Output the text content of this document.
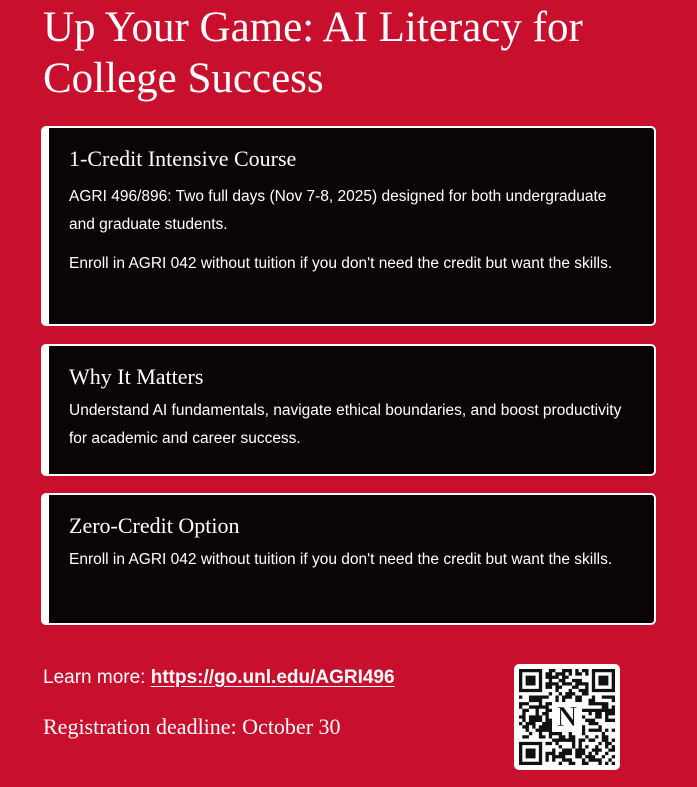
Up Your Game: AI Literacy for College Success
1-Credit Intensive Course

AGRI 496/896: Two full days (Nov 7-8, 2025) designed for both undergraduate and graduate students.

Enroll in AGRI 042 without tuition if you don't need the credit but want the skills.

Why It Matters

Understand AI fundamentals, navigate ethical boundaries, and boost productivity for academic and career success.

Zero-Credit Option

Enroll in AGRI 042 without tuition if you don't need the credit but want the skills.

Learn more: https://go.unl.edu/AGRI496
Registration deadline: October 30	N
